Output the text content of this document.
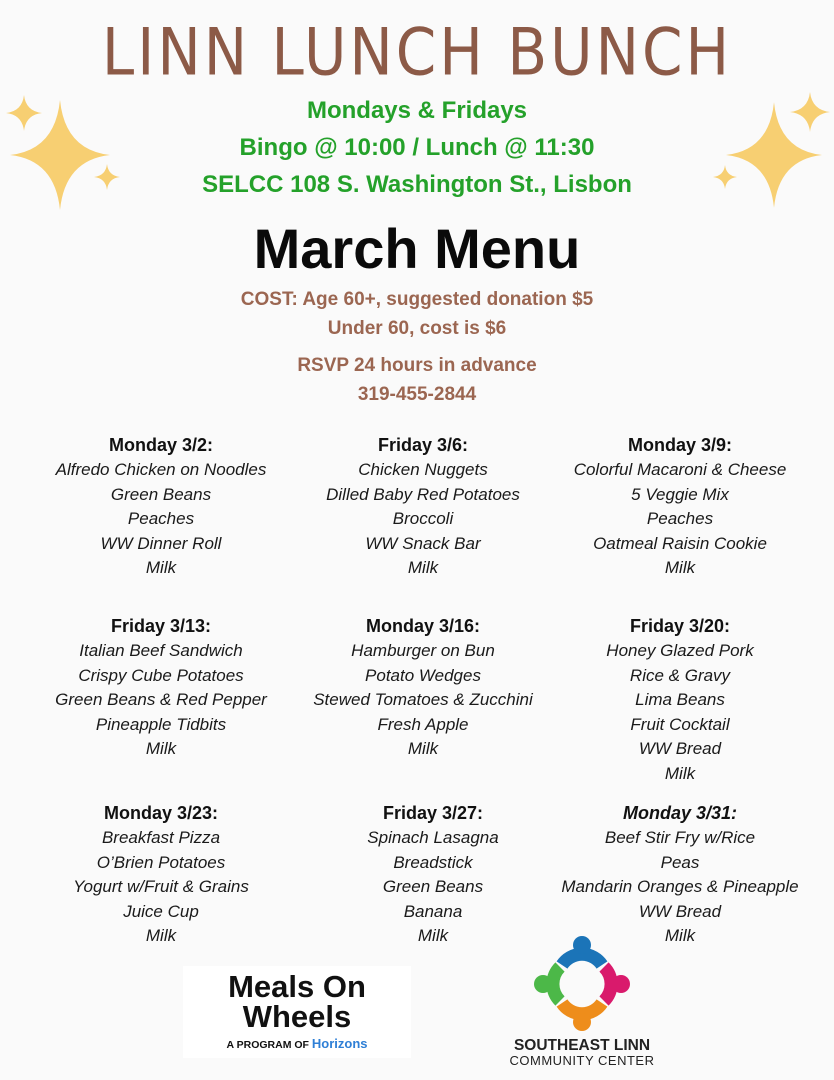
LINN LUNCH BUNCH
Mondays & Fridays
Bingo @ 10:00 / Lunch @ 11:30
SELCC 108 S. Washington St., Lisbon
March Menu
COST: Age 60+, suggested donation $5
Under 60, cost is $6
RSVP 24 hours in advance
319-455-2844
Monday 3/2:
Alfredo Chicken on Noodles
Green Beans
Peaches
WW Dinner Roll
Milk
Friday 3/6:
Chicken Nuggets
Dilled Baby Red Potatoes
Broccoli
WW Snack Bar
Milk
Monday 3/9:
Colorful Macaroni & Cheese
5 Veggie Mix
Peaches
Oatmeal Raisin Cookie
Milk
Friday 3/13:
Italian Beef Sandwich
Crispy Cube Potatoes
Green Beans & Red Pepper
Pineapple Tidbits
Milk
Monday 3/16:
Hamburger on Bun
Potato Wedges
Stewed Tomatoes & Zucchini
Fresh Apple
Milk
Friday 3/20:
Honey Glazed Pork
Rice & Gravy
Lima Beans
Fruit Cocktail
WW Bread
Milk
Monday 3/23:
Breakfast Pizza
O’Brien Potatoes
Yogurt w/Fruit & Grains
Juice Cup
Milk
Friday 3/27:
Spinach Lasagna
Breadstick
Green Beans
Banana
Milk
Monday 3/31:
Beef Stir Fry w/Rice
Peas
Mandarin Oranges & Pineapple
WW Bread
Milk
Meals On
Wheels
A PROGRAM OF Horizons	SOUTHEAST LINN
COMMUNITY CENTER
